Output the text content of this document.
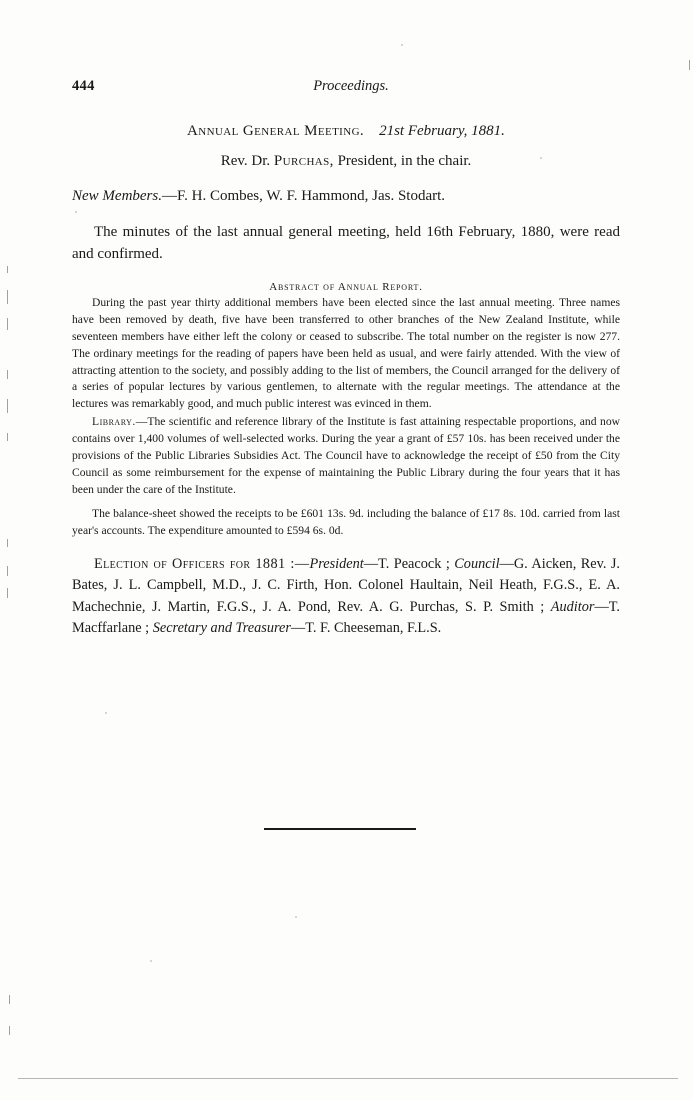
444	Proceedings.
Annual General Meeting. 21st February, 1881.
Rev. Dr. Purchas, President, in the chair.
New Members.—F. H. Combes, W. F. Hammond, Jas. Stodart.
The minutes of the last annual general meeting, held 16th February, 1880, were read and confirmed.
Abstract of Annual Report.
During the past year thirty additional members have been elected since the last annual meeting. Three names have been removed by death, five have been transferred to other branches of the New Zealand Institute, while seventeen members have either left the colony or ceased to subscribe. The total number on the register is now 277. The ordinary meetings for the reading of papers have been held as usual, and were fairly attended. With the view of attracting attention to the society, and possibly adding to the list of members, the Council arranged for the delivery of a series of popular lectures by various gentlemen, to alternate with the regular meetings. The attendance at the lectures was remarkably good, and much public interest was evinced in them.
Library.—The scientific and reference library of the Institute is fast attaining respectable proportions, and now contains over 1,400 volumes of well-selected works. During the year a grant of £57 10s. has been received under the provisions of the Public Libraries Subsidies Act. The Council have to acknowledge the receipt of £50 from the City Council as some reimbursement for the expense of maintaining the Public Library during the four years that it has been under the care of the Institute.
The balance-sheet showed the receipts to be £601 13s. 9d. including the balance of £17 8s. 10d. carried from last year's accounts. The expenditure amounted to £594 6s. 0d.
Election of Officers for 1881 :—President—T. Peacock ; Council—G. Aicken, Rev. J. Bates, J. L. Campbell, M.D., J. C. Firth, Hon. Colonel Haultain, Neil Heath, F.G.S., E. A. Machechnie, J. Martin, F.G.S., J. A. Pond, Rev. A. G. Purchas, S. P. Smith ; Auditor—T. Macffarlane ; Secretary and Treasurer—T. F. Cheeseman, F.L.S.
